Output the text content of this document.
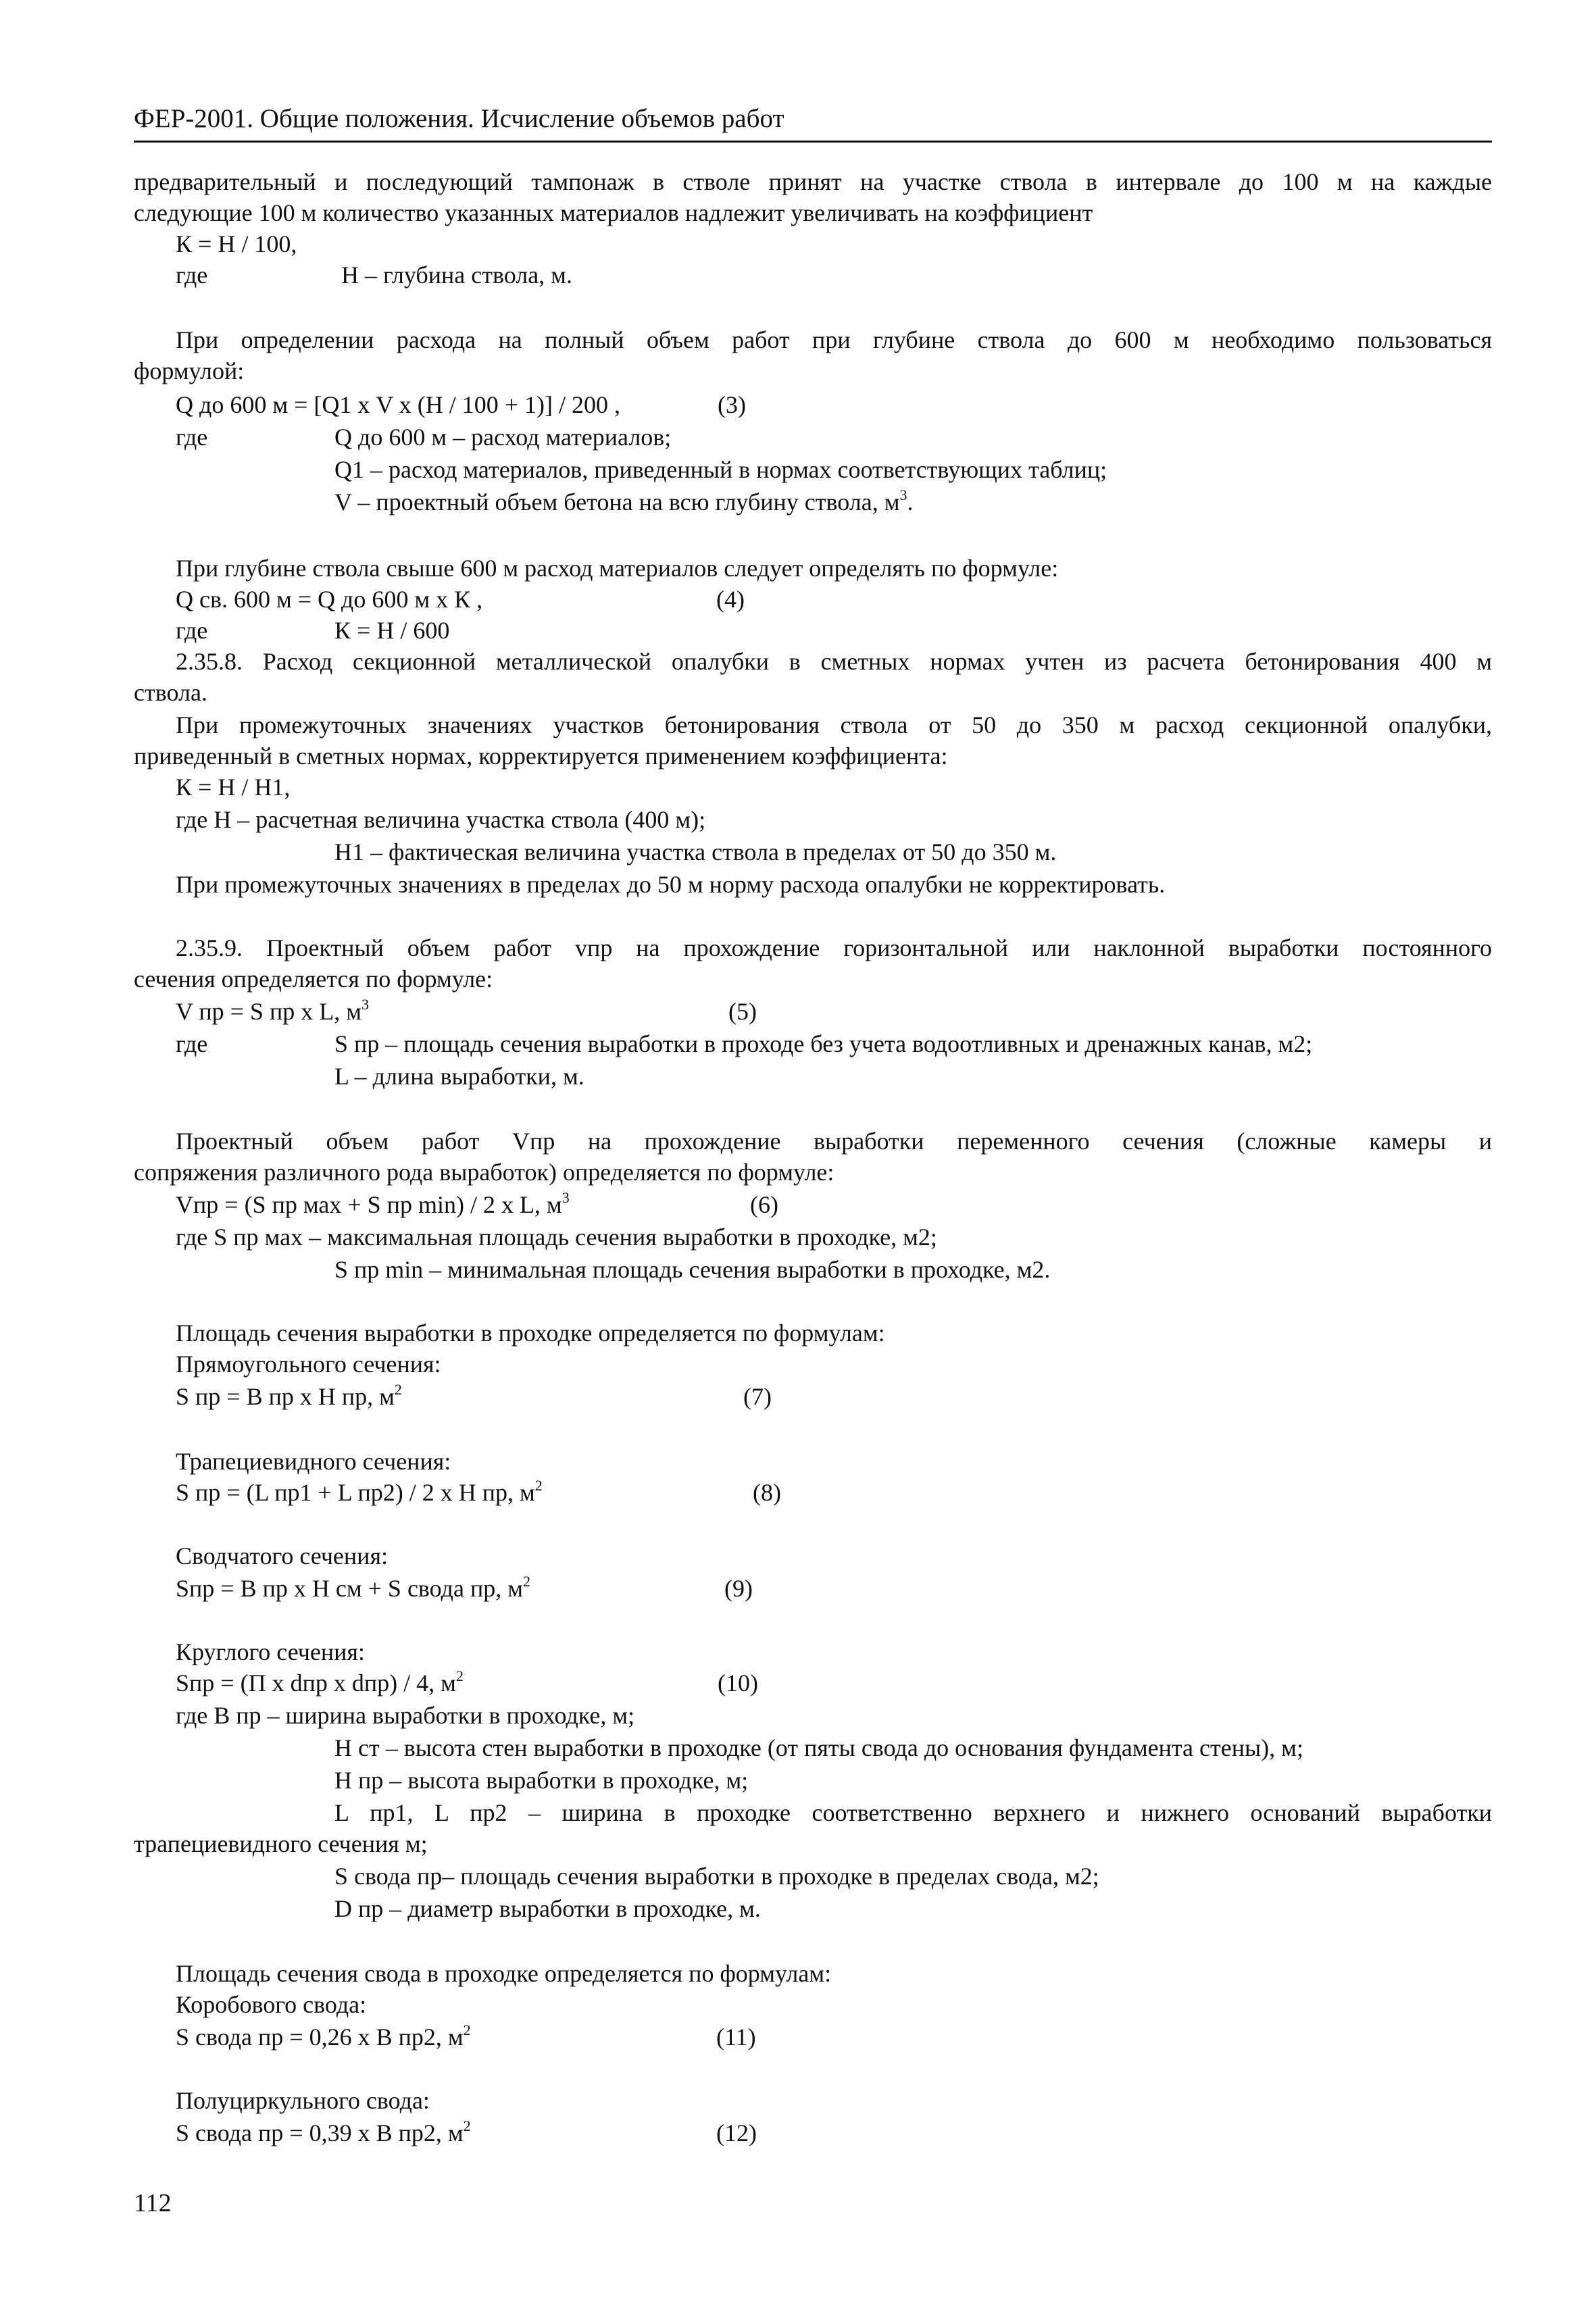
ФЕР-2001. Общие положения. Исчисление объемов работ
предварительный и последующий тампонаж в стволе принят на участке ствола в интервале до 100 м на каждые
следующие 100 м количество указанных материалов надлежит увеличивать на коэффициент
К = Н / 100,
где	Н – глубина ствола, м.
При определении расхода на полный объем работ при глубине ствола до 600 м необходимо пользоваться
формулой:
Q до 600 м = [Q1 х V х (Н / 100 + 1)] / 200 ,	(3)
где	Q до 600 м – расход материалов;
Q1 – расход материалов, приведенный в нормах соответствующих таблиц;
V – проектный объем бетона на всю глубину ствола, $м^3$.
При глубине ствола свыше 600 м расход материалов следует определять по формуле:
Q св. 600 м = Q до 600 м х К ,	(4)
где	К = Н / 600
2.35.8. Расход секционной металлической опалубки в сметных нормах учтен из расчета бетонирования 400 м
ствола.
При промежуточных значениях участков бетонирования ствола от 50 до 350 м расход секционной опалубки,
приведенный в сметных нормах, корректируется применением коэффициента:
К = Н / Н1,
где Н – расчетная величина участка ствола (400 м);
Н1 – фактическая величина участка ствола в пределах от 50 до 350 м.
При промежуточных значениях в пределах до 50 м норму расхода опалубки не корректировать.
2.35.9. Проектный объем работ vпр на прохождение горизонтальной или наклонной выработки постоянного
сечения определяется по формуле:
V пр = S пр х L, $м^3$	(5)
где	S пр – площадь сечения выработки в проходе без учета водоотливных и дренажных канав, м2;
L – длина выработки, м.
Проектный объем работ Vпр на прохождение выработки переменного сечения (сложные камеры и
сопряжения различного рода выработок) определяется по формуле:
Vпр = (S пр мах + S пр min) / 2 х L, $м^3$	(6)
где S пр мах – максимальная площадь сечения выработки в проходке, м2;
S пр min – минимальная площадь сечения выработки в проходке, м2.
Площадь сечения выработки в проходке определяется по формулам:
Прямоугольного сечения:
S пр = В пр х Н пр, $м^2$	(7)
Трапециевидного сечения:
S пр = (L пр1 + L пр2) / 2 х Н пр, $м^2$	(8)
Сводчатого сечения:
Sпр = В пр х Н см + S свода пр, $м^2$	(9)
Круглого сечения:
Sпр = (П х dпр х dпр) / 4, $м^2$	(10)
где В пр – ширина выработки в проходке, м;
Н ст – высота стен выработки в проходке (от пяты свода до основания фундамента стены), м;
Н пр – высота выработки в проходке, м;
L пр1, L пр2 – ширина в проходке соответственно верхнего и нижнего оснований выработки
трапециевидного сечения м;
S свода пр– площадь сечения выработки в проходке в пределах свода, м2;
D пр – диаметр выработки в проходке, м.
Площадь сечения свода в проходке определяется по формулам:
Коробового свода:
S свода пр = 0,26 х В пр2, $м^2$	(11)
Полуциркульного свода:
S свода пр = 0,39 х В пр2, $м^2$	(12)
112
